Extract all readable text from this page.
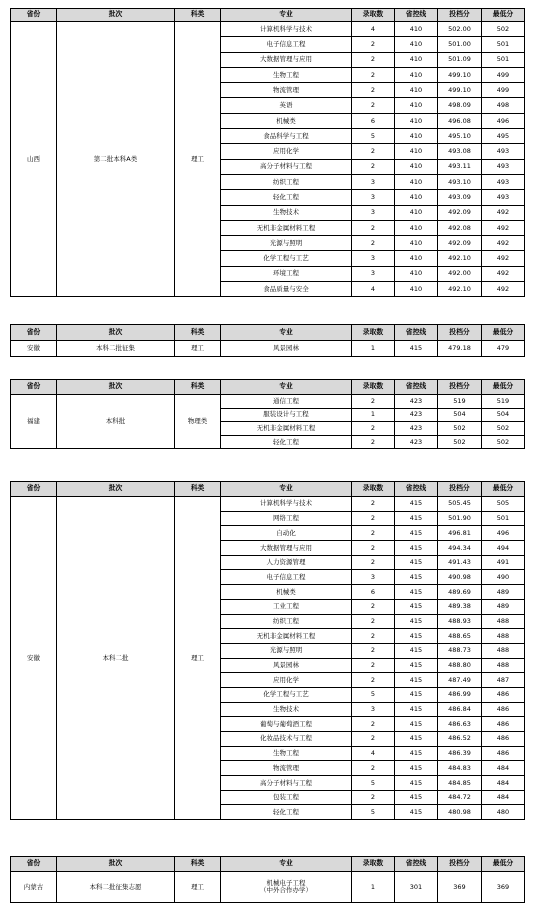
省份	批次	科类	专业	录取数	省控线	投档分	最低分
山西	第二批本科A类	理工	计算机科学与技术	4	410	502.00	502

			电子信息工程	2	410	501.00	501

			大数据管理与应用	2	410	501.09	501

			生物工程	2	410	499.10	499

			物流管理	2	410	499.10	499

			英语	2	410	498.09	498

			机械类	6	410	496.08	496

			食品科学与工程	5	410	495.10	495

			应用化学	2	410	493.08	493

			高分子材料与工程	2	410	493.11	493

			纺织工程	3	410	493.10	493

			轻化工程	3	410	493.09	493

			生物技术	3	410	492.09	492

			无机非金属材料工程	2	410	492.08	492

			光源与照明	2	410	492.09	492

			化学工程与工艺	3	410	492.10	492

			环境工程	3	410	492.00	492

			食品质量与安全	4	410	492.10	492
省份	批次	科类	专业	录取数	省控线	投档分	最低分
安徽	本科二批征集	理工	风景园林	1	415	479.18	479
省份	批次	科类	专业	录取数	省控线	投档分	最低分
福建	本科批	物理类	通信工程	2	423	519	519

			服装设计与工程	1	423	504	504

			无机非金属材料工程	2	423	502	502

			轻化工程	2	423	502	502
省份	批次	科类	专业	录取数	省控线	投档分	最低分
安徽	本科二批	理工	计算机科学与技术	2	415	505.45	505

			网络工程	2	415	501.90	501

			自动化	2	415	496.81	496

			大数据管理与应用	2	415	494.34	494

			人力资源管理	2	415	491.43	491

			电子信息工程	3	415	490.98	490

			机械类	6	415	489.69	489

			工业工程	2	415	489.38	489

			纺织工程	2	415	488.93	488

			无机非金属材料工程	2	415	488.65	488

			光源与照明	2	415	488.73	488

			风景园林	2	415	488.80	488

			应用化学	2	415	487.49	487

			化学工程与工艺	5	415	486.99	486

			生物技术	3	415	486.84	486

			葡萄与葡萄酒工程	2	415	486.63	486

			化妆品技术与工程	2	415	486.52	486

			生物工程	4	415	486.39	486

			物流管理	2	415	484.83	484

			高分子材料与工程	5	415	484.85	484

			包装工程	2	415	484.72	484

			轻化工程	5	415	480.98	480
省份	批次	科类	专业	录取数	省控线	投档分	最低分
内蒙古	本科二批征集志愿	理工	机械电子工程
（中外合作办学）	1	301	369	369
